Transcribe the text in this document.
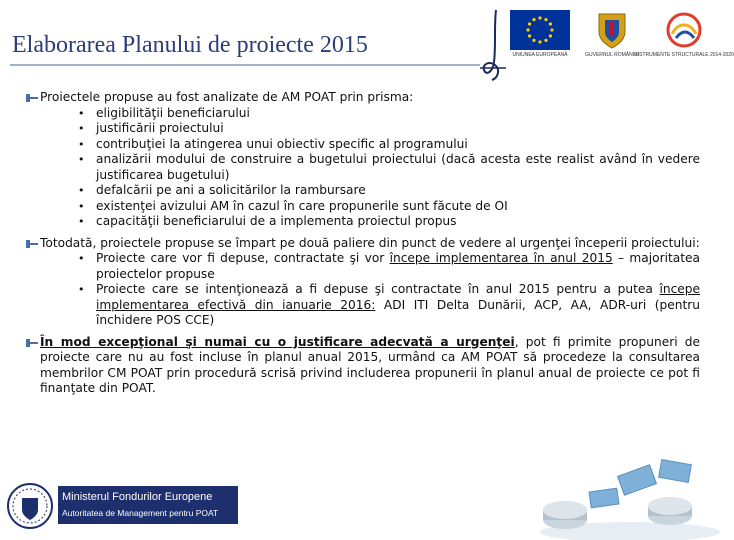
Elaborarea Planului de proiecte 2015	UNIUNEA EUROPEANĂ	GUVERNUL ROMÂNIEI
INSTRUMENTE STRUCTURALE 2014-2020
Proiectele propuse au fost analizate de AM POAT prin prisma:
• eligibilităţii beneficiarului
• justificării proiectului
• contribuţiei la atingerea unui obiectiv specific al programului
• analizării modului de construire a bugetului proiectului (dacă acesta este realist având în vedere justificarea bugetului)
• defalcării pe ani a solicitărilor la rambursare
• existenţei avizului AM în cazul în care propunerile sunt făcute de OI
• capacităţii beneficiarului de a implementa proiectul propus
Totodată, proiectele propuse se împart pe două paliere din punct de vedere al urgenţei începerii proiectului:
• Proiecte care vor fi depuse, contractate şi vor începe implementarea în anul 2015 – majoritatea proiectelor propuse
• Proiecte care se intenţionează a fi depuse şi contractate în anul 2015 pentru a putea începe implementarea efectivă din ianuarie 2016: ADI ITI Delta Dunării, ACP, AA, ADR-uri (pentru închidere POS CCE)
În mod excepţional şi numai cu o justificare adecvată a urgenţei, pot fi primite propuneri de proiecte care nu au fost incluse în planul anual 2015, urmând ca AM POAT să procedeze la consultarea membrilor CM POAT prin procedură scrisă privind includerea propunerii în planul anual de proiecte ce pot fi finanţate din POAT.
Ministerul Fondurilor Europene
Autoritatea de Management pentru POAT
